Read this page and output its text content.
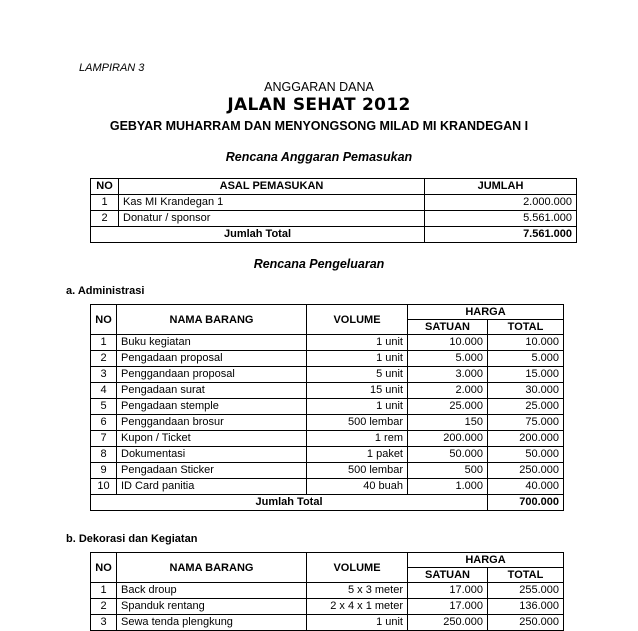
LAMPIRAN 3
ANGGARAN DANA
JALAN SEHAT 2012
GEBYAR MUHARRAM DAN MENYONGSONG MILAD MI KRANDEGAN I
Rencana Anggaran Pemasukan
NO	ASAL PEMASUKAN	JUMLAH
1	Kas MI Krandegan 1	2.000.000
2	Donatur / sponsor	5.561.000
Jumlah Total		7.561.000
Rencana Pengeluaran
a. Administrasi
NO	NAMA BARANG	VOLUME	HARGA	
			SATUAN	TOTAL
1	Buku kegiatan	1 unit	10.000	10.000
2	Pengadaan proposal	1 unit	5.000	5.000
3	Penggandaan proposal	5 unit	3.000	15.000
4	Pengadaan surat	15 unit	2.000	30.000
5	Pengadaan stemple	1 unit	25.000	25.000
6	Penggandaan brosur	500 lembar	150	75.000
7	Kupon / Ticket	1 rem	200.000	200.000
8	Dokumentasi	1 paket	50.000	50.000
9	Pengadaan Sticker	500 lembar	500	250.000
10	ID Card panitia	40 buah	1.000	40.000
Jumlah Total				700.000
b. Dekorasi dan Kegiatan
NO	NAMA BARANG	VOLUME	HARGA	
			SATUAN	TOTAL
1	Back droup	5 x 3 meter	17.000	255.000
2	Spanduk rentang	2 x 4 x 1 meter	17.000	136.000
3	Sewa tenda plengkung	1 unit	250.000	250.000
